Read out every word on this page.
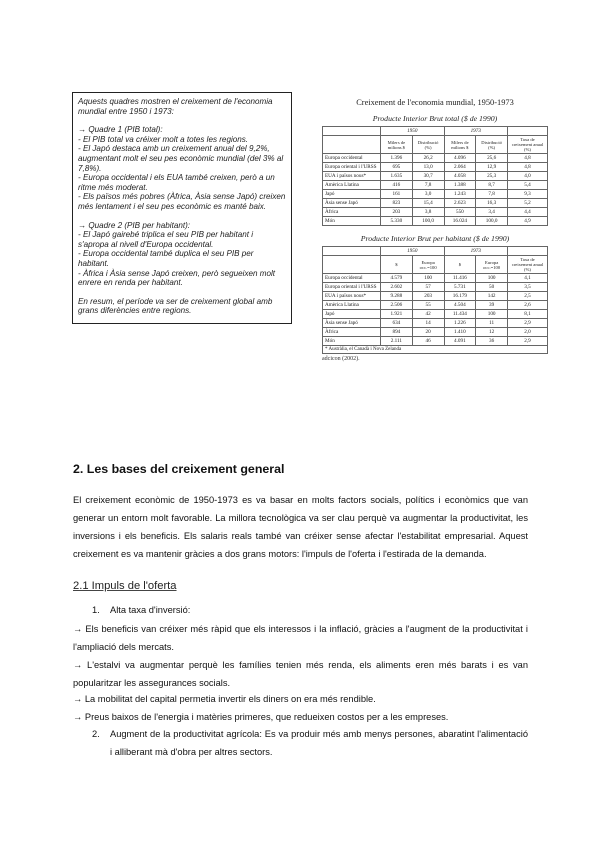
Aquests quadres mostren el creixement de l'economia mundial entre 1950 i 1973:

→ Quadre 1 (PIB total):

- El PIB total va créixer molt a totes les regions.

- El Japó destaca amb un creixement anual del 9,2%, augmentant molt el seu pes econòmic mundial (del 3% al 7,8%).

- Europa occidental i els EUA també creixen, però a un ritme més moderat.

- Els països més pobres (Àfrica, Àsia sense Japó) creixen més lentament i el seu pes econòmic es manté baix.

→ Quadre 2 (PIB per habitant):

- El Japó gairebé triplica el seu PIB per habitant i s'apropa al nivell d'Europa occidental.

- Europa occidental també duplica el seu PIB per habitant.

- Àfrica i Àsia sense Japó creixen, però segueixen molt enrere en renda per habitant.

En resum, el període va ser de creixement global amb grans diferències entre regions.

Creixement de l'economia mundial, 1950-1973
Producte Interior Brut total ($ de 1990)
	1950		1973		
	Milers de milions $	Distribució (%)	Milers de milions $	Distribució (%)	Taxa de creixement anual (%)
Europa occidental	1.396	26,2	4.096	25,6	4,8
Europa oriental i l'URSS	695	13,0	2.064	12,9	4,8
EUA i països nous*	1.635	30,7	4.058	25,3	4,0
Amèrica Llatina	416	7,8	1.388	8,7	5,4
Japó	161	3,0	1.243	7,8	9,3
Àsia sense Japó	823	15,4	2.623	16,3	5,2
Àfrica	203	3,8	550	3,4	4,4
Món	5.330	100,0	16.024	100,0	4,9
Producte Interior Brut per habitant ($ de 1990)
	1950		1973		
	$	Europa occ.=100	$	Europa occ.=100	Taxa de creixement anual (%)
Europa occidental	4.579	100	11.416	100	4,1
Europa oriental i l'URSS	2.602	57	5.731	50	3,5
EUA i països nous*	9.288	203	16.179	142	2,5
Amèrica Llatina	2.506	55	4.504	39	2,6
Japó	1.921	42	11.434	100	8,1
Àsia sense Japó	634	14	1.226	11	2,9
Àfrica	894	20	1.410	12	2,0
Món	2.111	46	4.091	36	2,9
* Austràlia, el Canadà i Nova Zelanda
adcicon (2002).
2. Les bases del creixement general

El creixement econòmic de 1950-1973 es va basar en molts factors socials, polítics i econòmics que van generar un entorn molt favorable. La millora tecnològica va ser clau perquè va augmentar la productivitat, les inversions i els beneficis. Els salaris reals també van créixer sense afectar l'estabilitat empresarial. Aquest creixement es va mantenir gràcies a dos grans motors: l'impuls de l'oferta i l'estirada de la demanda.

2.1 Impuls de l'oferta
1. Alta taxa d'inversió:

→ Els beneficis van créixer més ràpid que els interessos i la inflació, gràcies a l'augment de la productivitat i l'ampliació dels mercats.

→ L'estalvi va augmentar perquè les famílies tenien més renda, els aliments eren més barats i es van popularitzar les assegurances socials.

→ La mobilitat del capital permetia invertir els diners on era més rendible.

→ Preus baixos de l'energia i matèries primeres, que redueixen costos per a les empreses.

2. Augment de la productivitat agrícola: Es va produir més amb menys persones, abaratint l'alimentació i alliberant mà d'obra per altres sectors.
